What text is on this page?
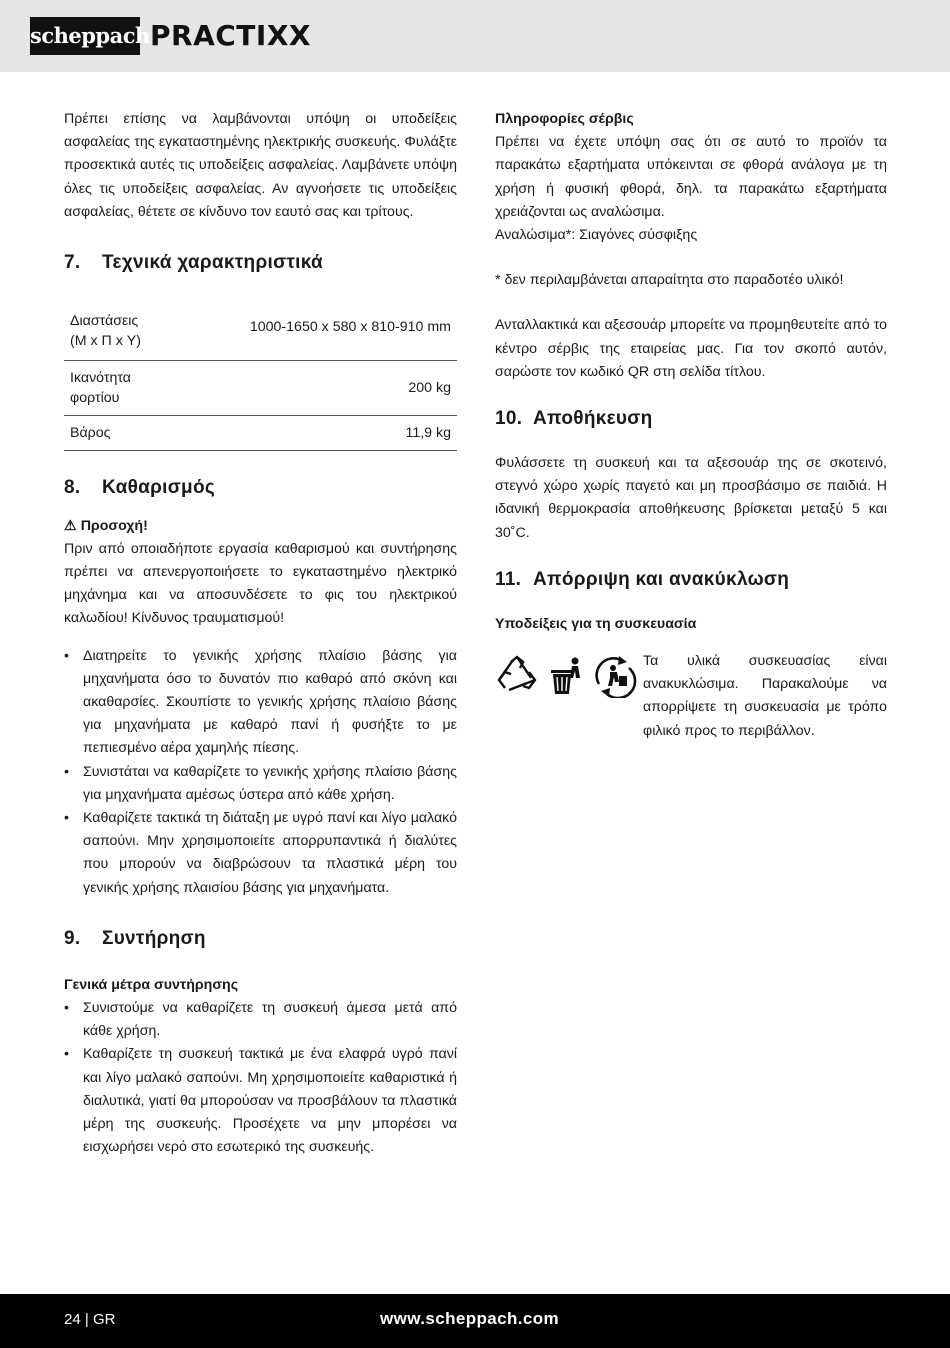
scheppach PRACTIXX

Πρέπει επίσης να λαμβάνονται υπόψη οι υποδείξεις ασφαλείας της εγκαταστημένης ηλεκτρικής συσκευής. Φυλάξτε προσεκτικά αυτές τις υποδείξεις ασφαλείας. Λαμβάνετε υπόψη όλες τις υποδείξεις ασφαλείας. Αν αγνοήσετε τις υποδείξεις ασφαλείας, θέτετε σε κίνδυνο τον εαυτό σας και τρίτους.

7. Τεχνικά χαρακτηριστικά
Διαστάσεις
(Μ x Π x Υ)	1000-1650 x 580 x 810-910 mm
Ικανότητα
φορτίου	200 kg
Βάρος	11,9 kg
8. Καθαρισμός

⚠ Προσοχή!

Πριν από οποιαδήποτε εργασία καθαρισμού και συντήρησης πρέπει να απενεργοποιήσετε το εγκαταστημένο ηλεκτρικό μηχάνημα και να αποσυνδέσετε το φις του ηλεκτρικού καλωδίου! Κίνδυνος τραυματισμού!

• Διατηρείτε το γενικής χρήσης πλαίσιο βάσης για μηχανήματα όσο το δυνατόν πιο καθαρό από σκόνη και ακαθαρσίες. Σκουπίστε το γενικής χρήσης πλαίσιο βάσης για μηχανήματα με καθαρό πανί ή φυσήξτε το με πεπιεσμένο αέρα χαμηλής πίεσης.
• Συνιστάται να καθαρίζετε το γενικής χρήσης πλαίσιο βάσης για μηχανήματα αμέσως ύστερα από κάθε χρήση.
• Καθαρίζετε τακτικά τη διάταξη με υγρό πανί και λίγο μαλακό σαπούνι. Μην χρησιμοποιείτε απορρυπαντικά ή διαλύτες που μπορούν να διαβρώσουν τα πλαστικά μέρη του γενικής χρήσης πλαισίου βάσης για μηχανήματα.
9. Συντήρηση

Γενικά μέτρα συντήρησης

• Συνιστούμε να καθαρίζετε τη συσκευή άμεσα μετά από κάθε χρήση.
• Καθαρίζετε τη συσκευή τακτικά με ένα ελαφρά υγρό πανί και λίγο μαλακό σαπούνι. Μη χρησιμοποιείτε καθαριστικά ή διαλυτικά, γιατί θα μπορούσαν να προσβάλουν τα πλαστικά μέρη της συσκευής. Προσέχετε να μην μπορέσει να εισχωρήσει νερό στο εσωτερικό της συσκευής.

Πληροφορίες σέρβις

Πρέπει να έχετε υπόψη σας ότι σε αυτό το προϊόν τα παρακάτω εξαρτήματα υπόκεινται σε φθορά ανάλογα με τη χρήση ή φυσική φθορά, δηλ. τα παρακάτω εξαρτήματα χρειάζονται ως αναλώσιμα.

Αναλώσιμα*: Σιαγόνες σύσφιξης

* δεν περιλαμβάνεται απαραίτητα στο παραδοτέο υλικό!

Ανταλλακτικά και αξεσουάρ μπορείτε να προμηθευτείτε από το κέντρο σέρβις της εταιρείας μας. Για τον σκοπό αυτόν, σαρώστε τον κωδικό QR στη σελίδα τίτλου.

10. Αποθήκευση

Φυλάσσετε τη συσκευή και τα αξεσουάρ της σε σκοτεινό, στεγνό χώρο χωρίς παγετό και μη προσβάσιμο σε παιδιά. Η ιδανική θερμοκρασία αποθήκευσης βρίσκεται μεταξύ 5 και 30˚C.

11. Απόρριψη και ανακύκλωση

Υποδείξεις για τη συσκευασία

Τα υλικά συσκευασίας είναι ανακυκλώσιμα. Παρακαλούμε να απορρίψετε τη συσκευασία με τρόπο φιλικό προς το περιβάλλον.

24 | GR	www.scheppach.com
